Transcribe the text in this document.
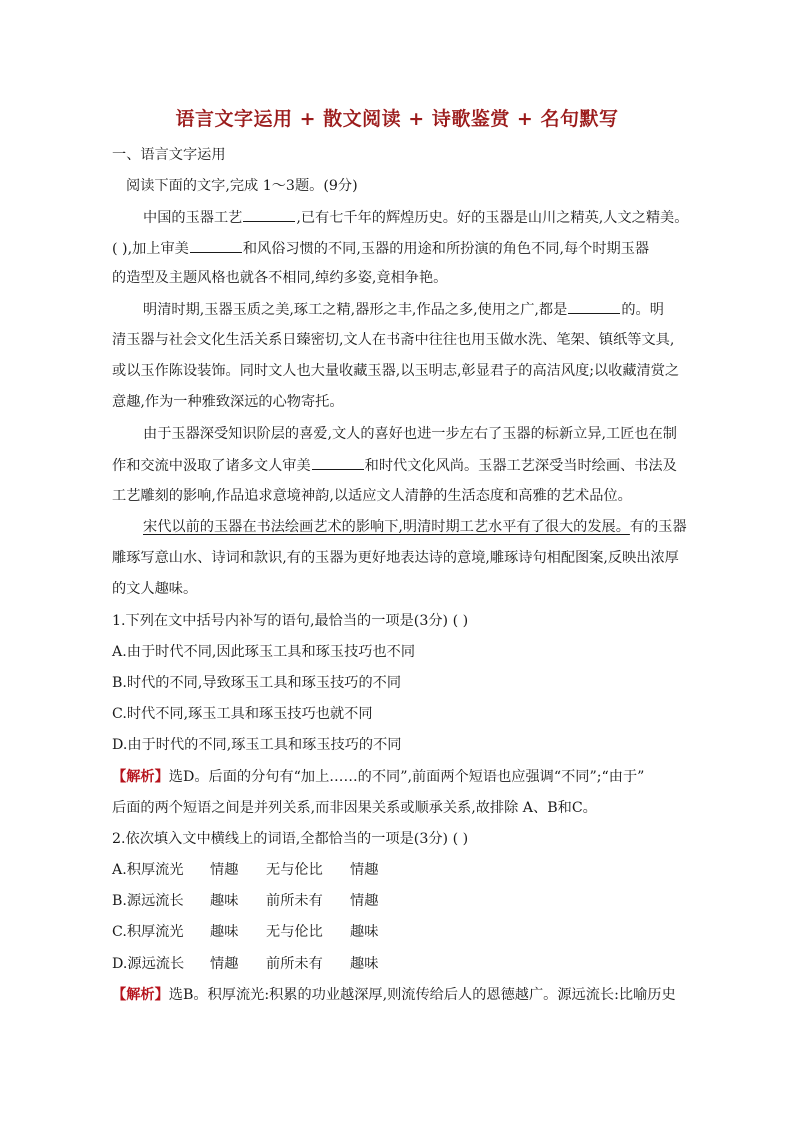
语言文字运用 + 散文阅读 + 诗歌鉴赏 + 名句默写
一、语言文字运用
阅读下面的文字,完成 1～3题。(9分)
中国的玉器工艺	,已有七千年的辉煌历史。好的玉器是山川之精英,人文之精美。
( ),加上审美	和风俗习惯的不同,玉器的用途和所扮演的角色不同,每个时期玉器
的造型及主题风格也就各不相同,绰约多姿,竟相争艳。
明清时期,玉器玉质之美,琢工之精,器形之丰,作品之多,使用之广,都是	的。明
清玉器与社会文化生活关系日臻密切,文人在书斋中往往也用玉做水洗、笔架、镇纸等文具,
或以玉作陈设装饰。同时文人也大量收藏玉器,以玉明志,彰显君子的高洁风度;以收藏清赏之
意趣,作为一种雅致深远的心物寄托。
由于玉器深受知识阶层的喜爱,文人的喜好也进一步左右了玉器的标新立异,工匠也在制
作和交流中汲取了诸多文人审美	和时代文化风尚。玉器工艺深受当时绘画、书法及
工艺雕刻的影响,作品追求意境神韵,以适应文人清静的生活态度和高雅的艺术品位。
宋代以前的玉器在书法绘画艺术的影响下,明清时期工艺水平有了很大的发展。有的玉器
雕琢写意山水、诗词和款识,有的玉器为更好地表达诗的意境,雕琢诗句相配图案,反映出浓厚
的文人趣味。
1.下列在文中括号内补写的语句,最恰当的一项是(3分) ( )
A.由于时代不同,因此琢玉工具和琢玉技巧也不同
B.时代的不同,导致琢玉工具和琢玉技巧的不同
C.时代不同,琢玉工具和琢玉技巧也就不同
D.由于时代的不同,琢玉工具和琢玉技巧的不同
【解析】选D。后面的分句有“加上……的不同”,前面两个短语也应强调“不同”;“由于”
后面的两个短语之间是并列关系,而非因果关系或顺承关系,故排除 A、B和C。
2.依次填入文中横线上的词语,全都恰当的一项是(3分) ( )
A.积厚流光 情趣 无与伦比 情趣
B.源远流长 趣味 前所未有 情趣
C.积厚流光 趣味 无与伦比 趣味
D.源远流长 情趣 前所未有 趣味
【解析】选B。积厚流光:积累的功业越深厚,则流传给后人的恩德越广。源远流长:比喻历史
